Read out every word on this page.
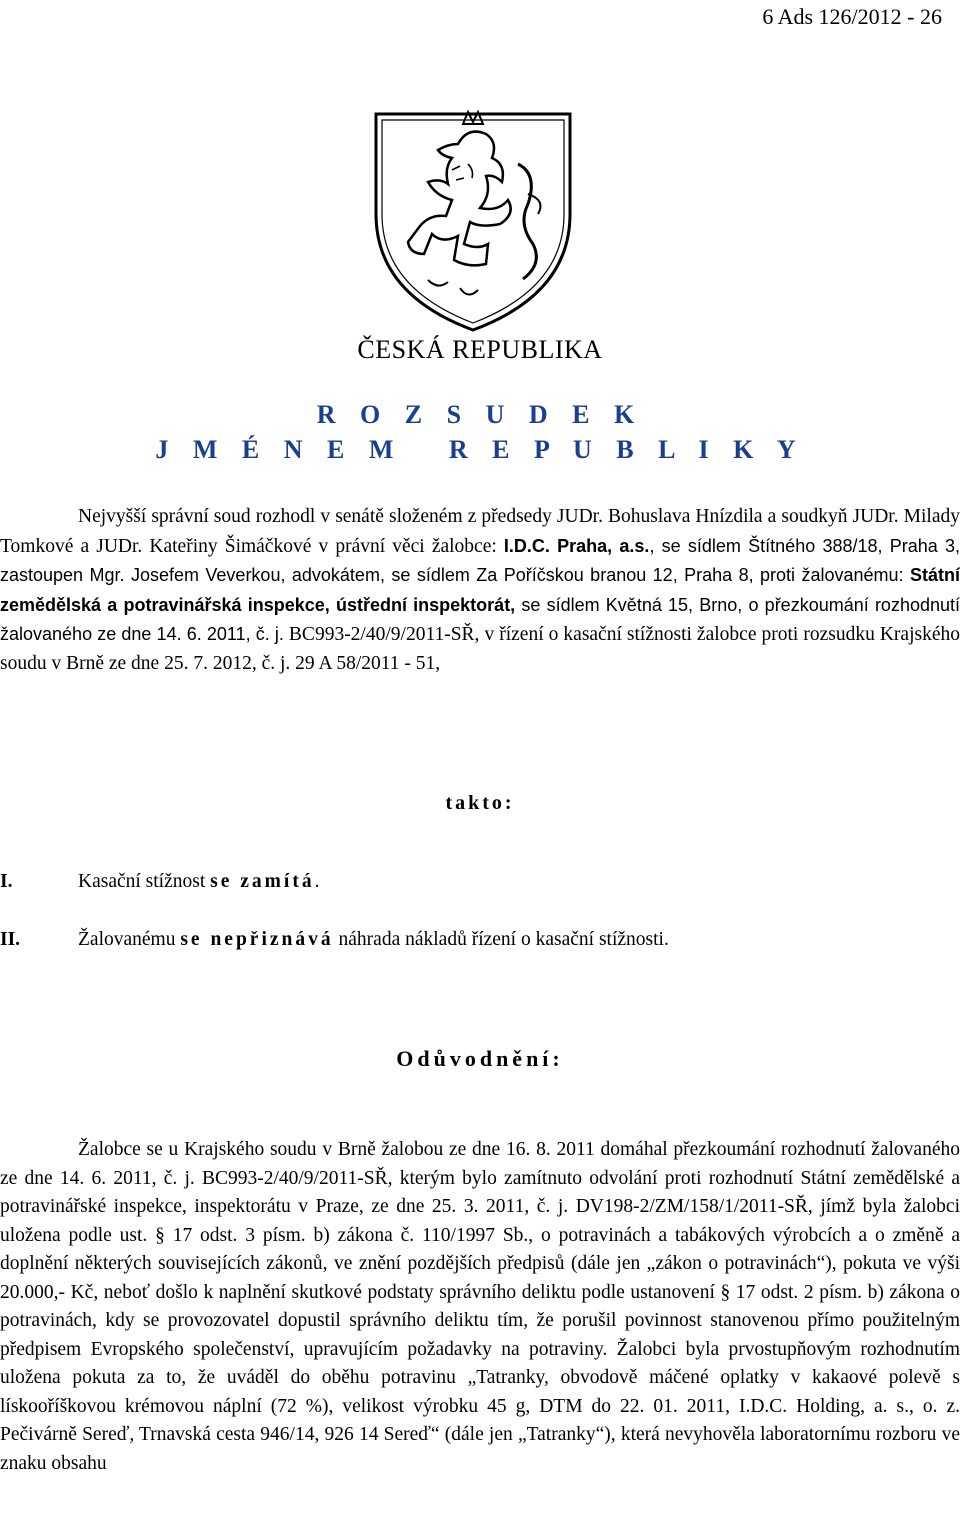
6 Ads 126/2012 - 26
ČESKÁ REPUBLIKA
R O Z S U D E K
J M É N E M   R E P U B L I K Y
Nejvyšší správní soud rozhodl v senátě složeném z předsedy JUDr. Bohuslava Hnízdila a soudkyň JUDr. Milady Tomkové a JUDr. Kateřiny Šimáčkové v právní věci žalobce: I.D.C. Praha, a.s., se sídlem Štítného 388/18, Praha 3, zastoupen Mgr. Josefem Veverkou, advokátem, se sídlem Za Poříčskou branou 12, Praha 8, proti žalovanému: Státní zemědělská a potravinářská inspekce, ústřední inspektorát, se sídlem Květná 15, Brno, o přezkoumání rozhodnutí žalovaného ze dne 14. 6. 2011, č. j. BC993-2/40/9/2011-SŘ, v řízení o kasační stížnosti žalobce proti rozsudku Krajského soudu v Brně ze dne 25. 7. 2012, č. j. 29 A 58/2011 - 51,
takto:
I.	Kasační stížnost se zamítá.
II.	Žalovanému se nepřiznává náhrada nákladů řízení o kasační stížnosti.
Odůvodnění:
Žalobce se u Krajského soudu v Brně žalobou ze dne 16. 8. 2011 domáhal přezkoumání rozhodnutí žalovaného ze dne 14. 6. 2011, č. j. BC993-2/40/9/2011-SŘ, kterým bylo zamítnuto odvolání proti rozhodnutí Státní zemědělské a potravinářské inspekce, inspektorátu v Praze, ze dne 25. 3. 2011, č. j. DV198-2/ZM/158/1/2011-SŘ, jímž byla žalobci uložena podle ust. § 17 odst. 3 písm. b) zákona č. 110/1997 Sb., o potravinách a tabákových výrobcích a o změně a doplnění některých souvisejících zákonů, ve znění pozdějších předpisů (dále jen „zákon o potravinách“), pokuta ve výši 20.000,- Kč, neboť došlo k naplnění skutkové podstaty správního deliktu podle ustanovení § 17 odst. 2 písm. b) zákona o potravinách, kdy se provozovatel dopustil správního deliktu tím, že porušil povinnost stanovenou přímo použitelným předpisem Evropského společenství, upravujícím požadavky na potraviny. Žalobci byla prvostupňovým rozhodnutím uložena pokuta za to, že uváděl do oběhu potravinu „Tatranky, obvodově máčené oplatky v kakaové polevě s lískooříškovou krémovou náplní (72 %), velikost výrobku 45 g, DTM do 22. 01. 2011, I.D.C. Holding, a. s., o. z. Pečivárně Sereď, Trnavská cesta 946/14, 926 14 Sereď“ (dále jen „Tatranky“), která nevyhověla laboratornímu rozboru ve znaku obsahu
